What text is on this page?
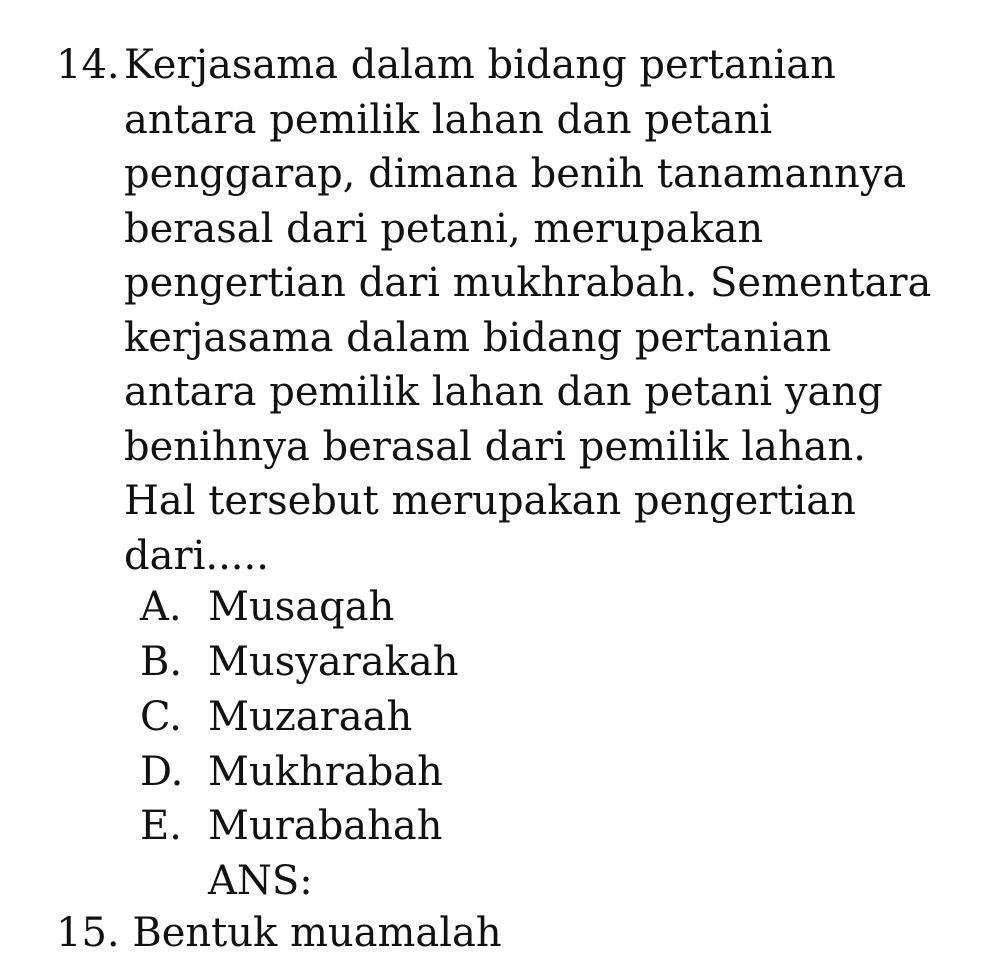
14. Kerjasama dalam bidang pertanian
antara pemilik lahan dan petani
penggarap, dimana benih tanamannya
berasal dari petani, merupakan
pengertian dari mukhrabah. Sementara
kerjasama dalam bidang pertanian
antara pemilik lahan dan petani yang
benihnya berasal dari pemilik lahan.
Hal tersebut merupakan pengertian
dari.....
A. Musaqah
B. Musyarakah
C. Muzaraah
D. Mukhrabah
E. Murabahah
ANS:
15. Bentuk muamalah
